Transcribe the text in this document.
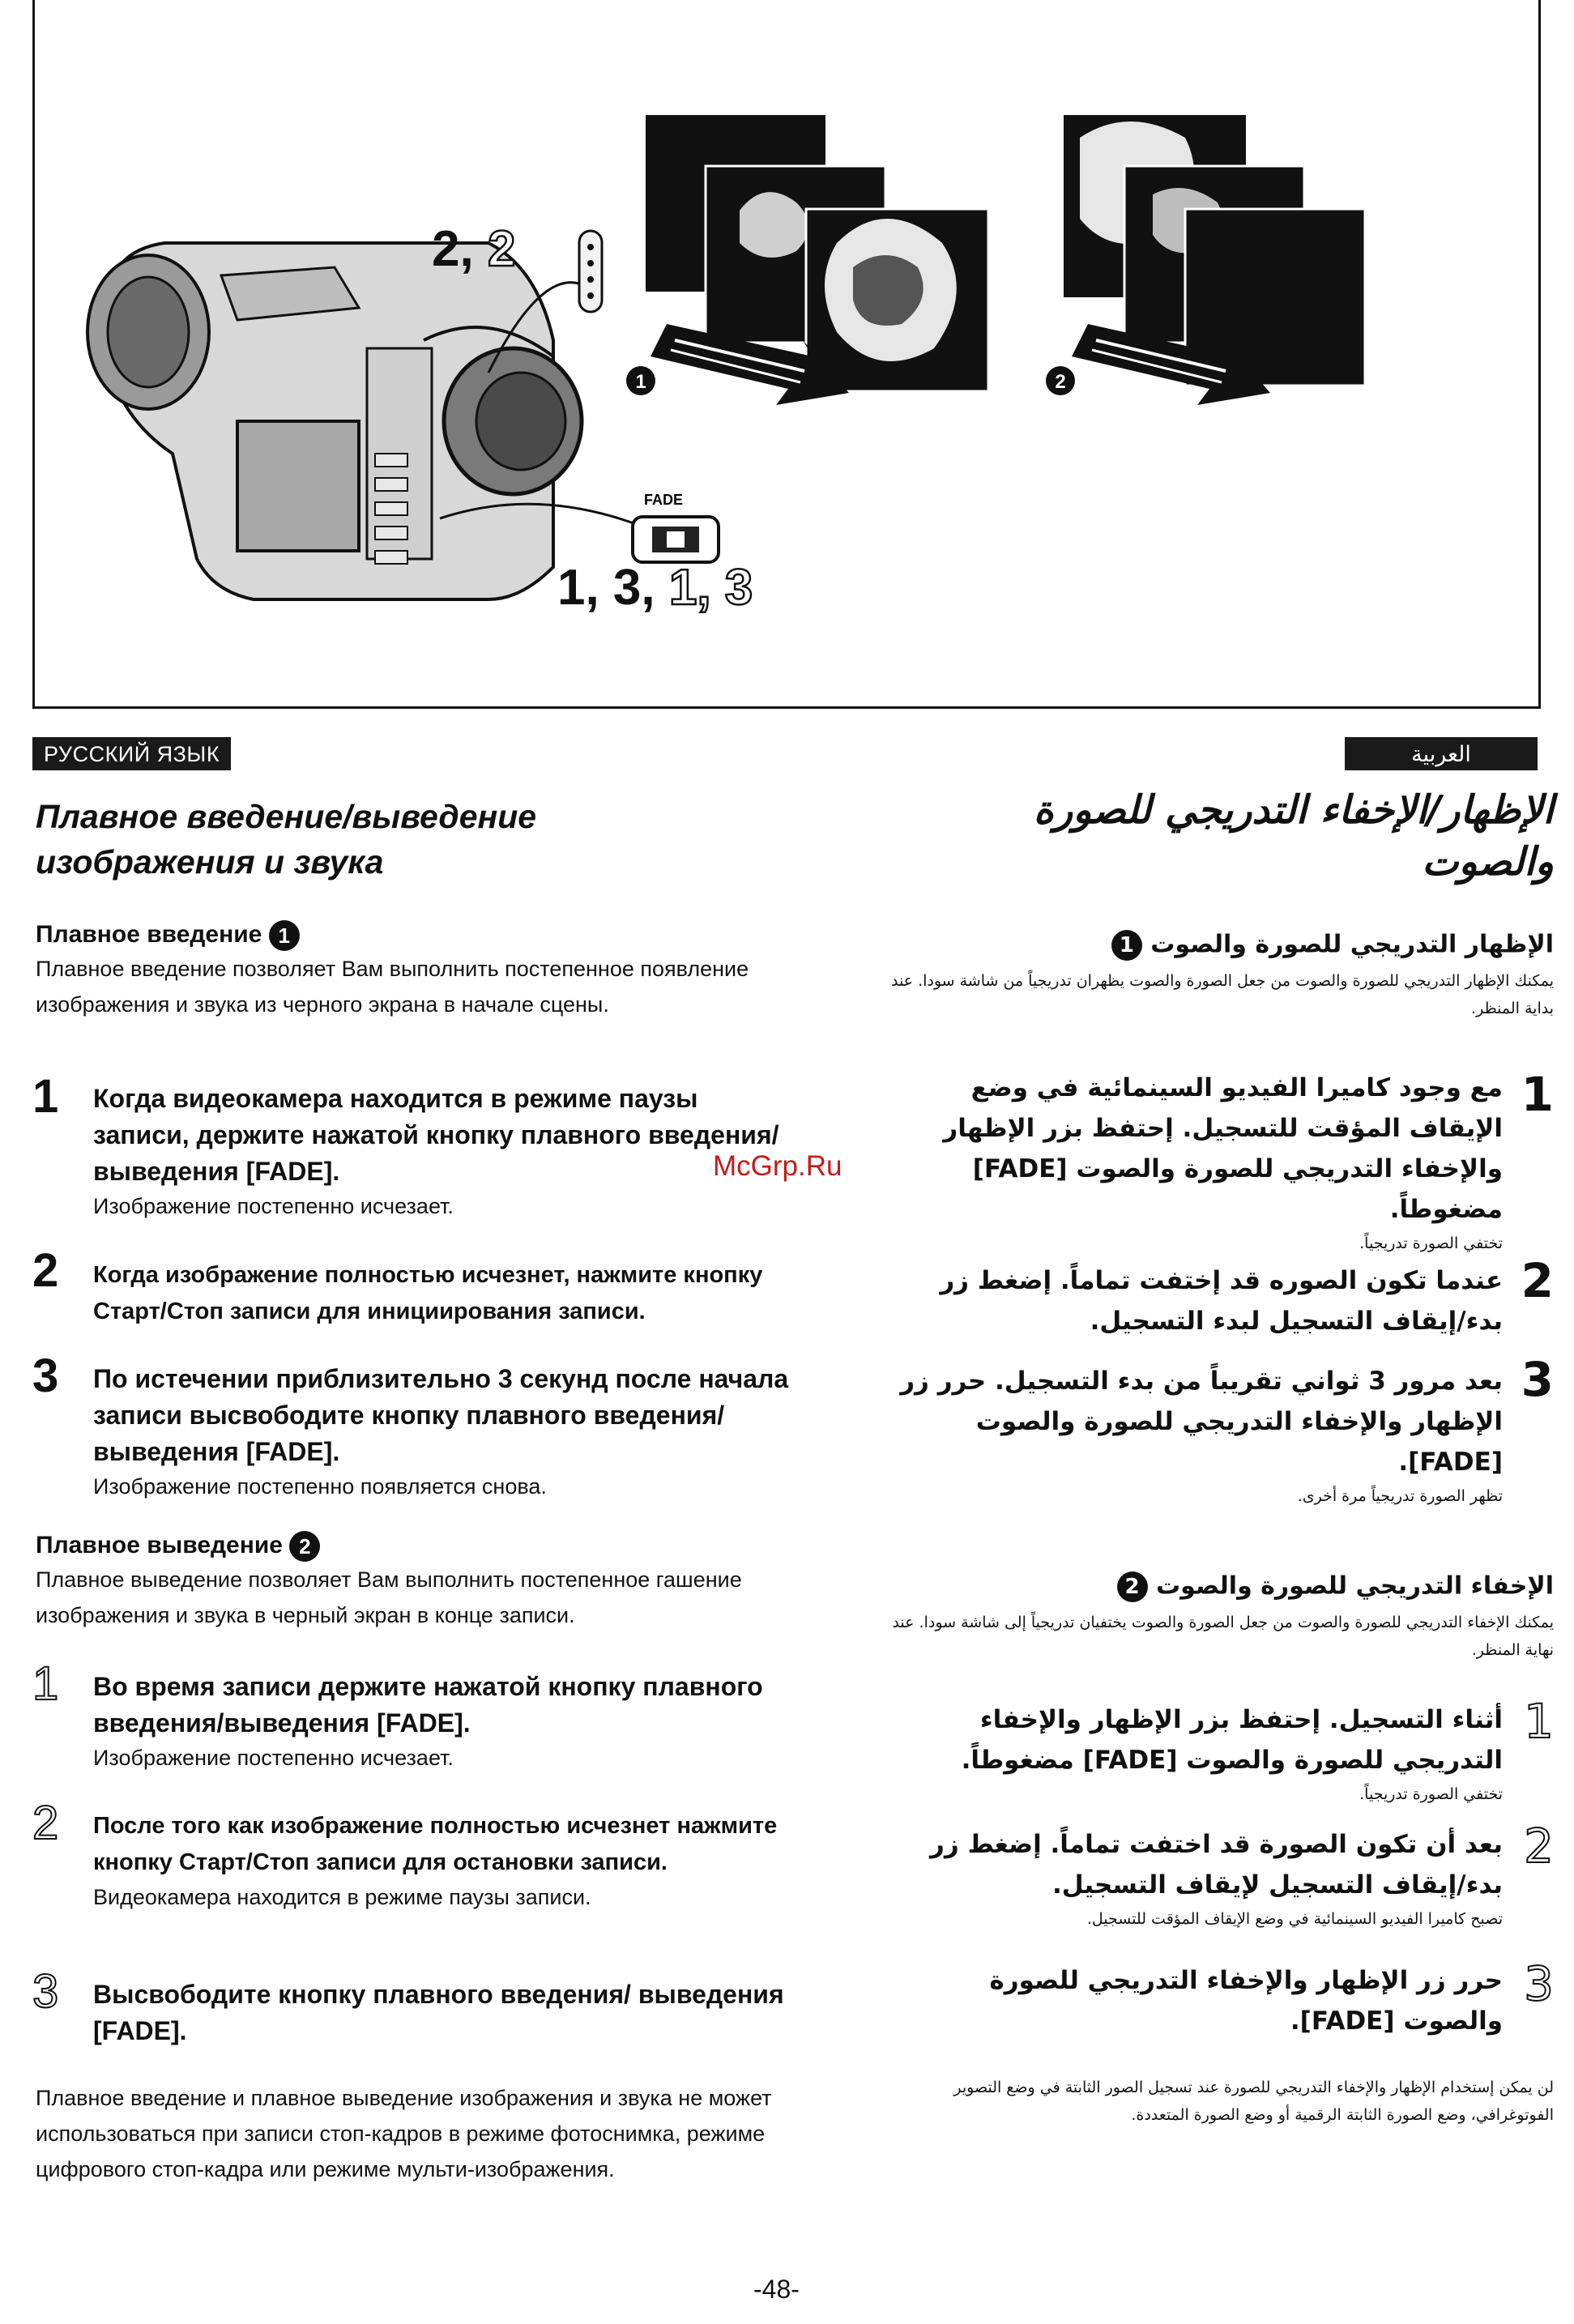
FADE
1	2
2, 2
1, 3, 1, 3
РУССКИЙ ЯЗЫК
Плавное введение/выведение
изображения и звука
Плавное введение 1
Плавное введение позволяет Вам выполнить постепенное появление изображения и звука из черного экрана в начале сцены.
1 Когда видеокамера находится в режиме паузы записи, держите нажатой кнопку плавного введения/выведения [FADE].
Изображение постепенно исчезает.
2 Когда изображение полностью исчезнет, нажмите кнопку Старт/Стоп записи для инициирования записи.
3 По истечении приблизительно 3 секунд после начала записи высвободите кнопку плавного введения/выведения [FADE].
Изображение постепенно появляется снова.
Плавное выведение 2
Плавное выведение позволяет Вам выполнить постепенное гашение изображения и звука в черный экран в конце записи.
1 Во время записи держите нажатой кнопку плавного введения/выведения [FADE].
Изображение постепенно исчезает.
2 После того как изображение полностью исчезнет нажмите кнопку Старт/Стоп записи для остановки записи.
Видеокамера находится в режиме паузы записи.
3 Высвободите кнопку плавного введения/ выведения [FADE].
Плавное введение и плавное выведение изображения и звука не может использоваться при записи стоп-кадров в режиме фотоснимка, режиме цифрового стоп-кадра или режиме мульти-изображения.
العربية
الإظهار/الإخفاء التدريجي للصورة
والصوت
الإظهار التدريجي للصورة والصوت 1
يمكنك الإظهار التدريجي للصورة والصوت من جعل الصورة والصوت يظهران تدريجياً من شاشة سودا. عند بداية المنظر.
1
مع وجود كاميرا الفيديو السينمائية في وضع الإيقاف المؤقت للتسجيل. إحتفظ بزر الإظهار والإخفاء التدريجي للصورة والصوت [FADE] مضغوطاً.
تختفي الصورة تدريجياً.
2
عندما تكون الصوره قد إختفت تماماً. إضغط زر بدء/إيقاف التسجيل لبدء التسجيل.
3
بعد مرور 3 ثواني تقريباً من بدء التسجيل. حرر زر الإظهار والإخفاء التدريجي للصورة والصوت [FADE].
تظهر الصورة تدريجياً مرة أخرى.
الإخفاء التدريجي للصورة والصوت 2
يمكنك الإخفاء التدريجي للصورة والصوت من جعل الصورة والصوت يختفيان تدريجياً إلى شاشة سودا. عند نهاية المنظر.
1
أثناء التسجيل. إحتفظ بزر الإظهار والإخفاء التدريجي للصورة والصوت [FADE] مضغوطاً.
تختفي الصورة تدريجياً.
2
بعد أن تكون الصورة قد اختفت تماماً. إضغط زر بدء/إيقاف التسجيل لإيقاف التسجيل.
تصبح كاميرا الفيديو السينمائية في وضع الإيقاف المؤقت للتسجيل.
3
حرر زر الإظهار والإخفاء التدريجي للصورة والصوت [FADE].
لن يمكن إستخدام الإظهار والإخفاء التدريجي للصورة عند تسجيل الصور الثابتة في وضع التصوير الفوتوغرافي، وضع الصورة الثابتة الرقمية أو وضع الصورة المتعددة.
McGrp.Ru
-48-
